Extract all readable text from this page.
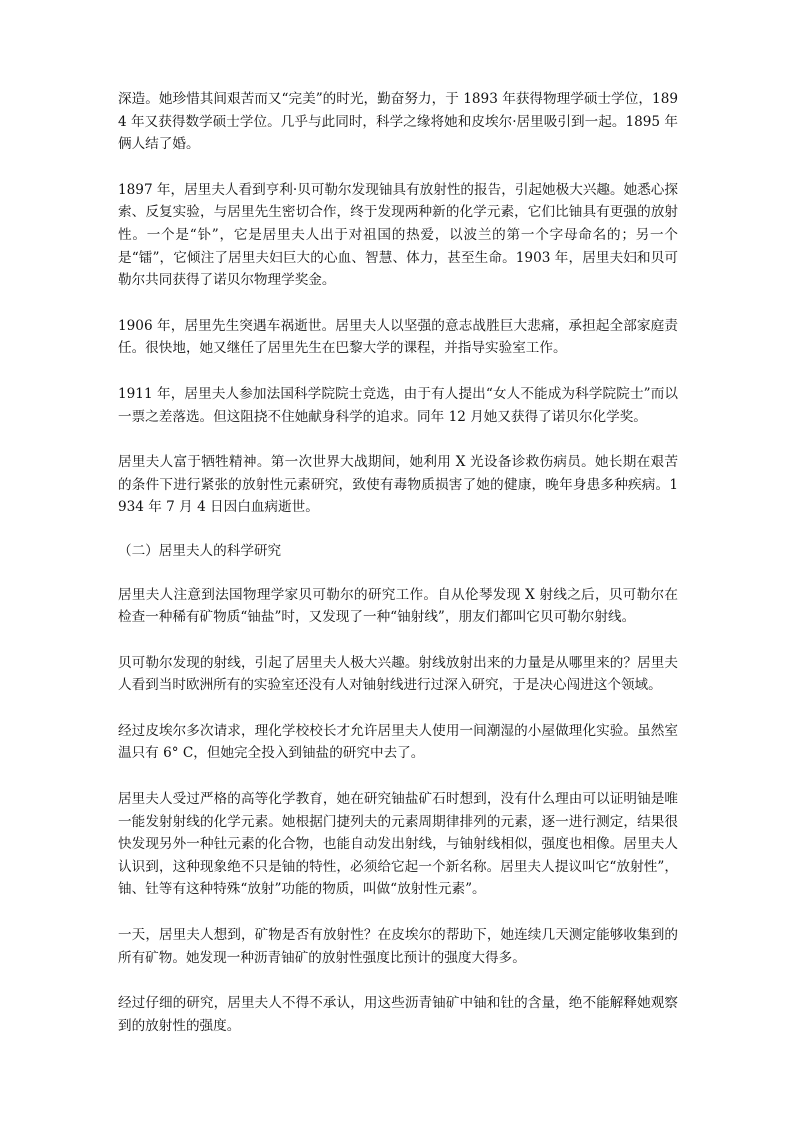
深造。她珍惜其间艰苦而又“完美”的时光，勤奋努力，于 1893 年获得物理学硕士学位，1894 年又获得数学硕士学位。几乎与此同时，科学之缘将她和皮埃尔·居里吸引到一起。1895 年俩人结了婚。

1897 年，居里夫人看到亨利·贝可勒尔发现铀具有放射性的报告，引起她极大兴趣。她悉心探索、反复实验，与居里先生密切合作，终于发现两种新的化学元素，它们比铀具有更强的放射性。一个是“钋”，它是居里夫人出于对祖国的热爱，以波兰的第一个字母命名的；另一个是“镭”，它倾注了居里夫妇巨大的心血、智慧、体力，甚至生命。1903 年，居里夫妇和贝可勒尔共同获得了诺贝尔物理学奖金。

1906 年，居里先生突遇车祸逝世。居里夫人以坚强的意志战胜巨大悲痛，承担起全部家庭责任。很快地，她又继任了居里先生在巴黎大学的课程，并指导实验室工作。

1911 年，居里夫人参加法国科学院院士竞选，由于有人提出“女人不能成为科学院院士”而以一票之差落选。但这阻挠不住她献身科学的追求。同年 12 月她又获得了诺贝尔化学奖。

居里夫人富于牺牲精神。第一次世界大战期间，她利用 X 光设备诊救伤病员。她长期在艰苦的条件下进行紧张的放射性元素研究，致使有毒物质损害了她的健康，晚年身患多种疾病。1934 年 7 月 4 日因白血病逝世。

（二）居里夫人的科学研究

居里夫人注意到法国物理学家贝可勒尔的研究工作。自从伦琴发现 X 射线之后，贝可勒尔在检查一种稀有矿物质“铀盐”时，又发现了一种“铀射线”，朋友们都叫它贝可勒尔射线。

贝可勒尔发现的射线，引起了居里夫人极大兴趣。射线放射出来的力量是从哪里来的？居里夫人看到当时欧洲所有的实验室还没有人对铀射线进行过深入研究，于是决心闯进这个领域。

经过皮埃尔多次请求，理化学校校长才允许居里夫人使用一间潮湿的小屋做理化实验。虽然室温只有 6° C，但她完全投入到铀盐的研究中去了。

居里夫人受过严格的高等化学教育，她在研究铀盐矿石时想到，没有什么理由可以证明铀是唯一能发射射线的化学元素。她根据门捷列夫的元素周期律排列的元素，逐一进行测定，结果很快发现另外一种钍元素的化合物，也能自动发出射线，与铀射线相似，强度也相像。居里夫人认识到，这种现象绝不只是铀的特性，必须给它起一个新名称。居里夫人提议叫它“放射性”，铀、钍等有这种特殊“放射”功能的物质，叫做“放射性元素”。

一天，居里夫人想到，矿物是否有放射性？在皮埃尔的帮助下，她连续几天测定能够收集到的所有矿物。她发现一种沥青铀矿的放射性强度比预计的强度大得多。

经过仔细的研究，居里夫人不得不承认，用这些沥青铀矿中铀和钍的含量，绝不能解释她观察到的放射性的强度。
